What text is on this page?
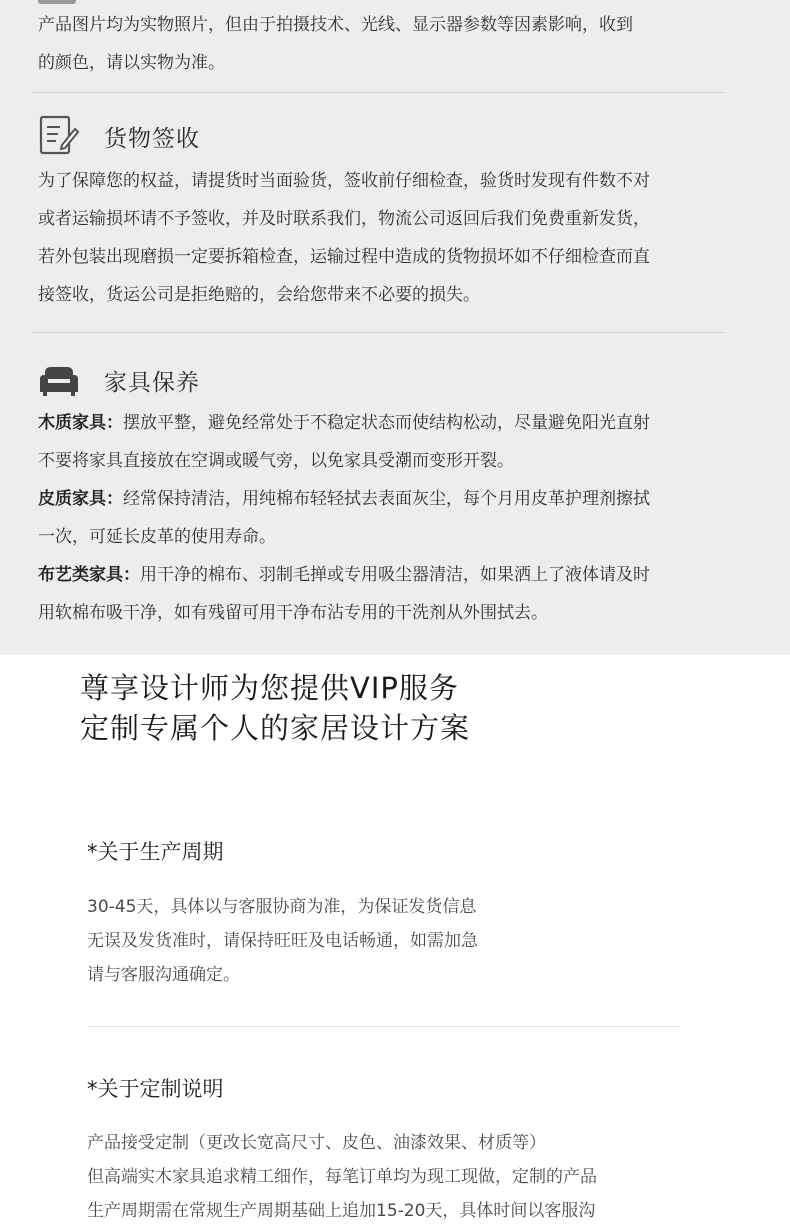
产品图片均为实物照片，但由于拍摄技术、光线、显示器参数等因素影响，收到
的颜色，请以实物为准。

货物签收

为了保障您的权益，请提货时当面验货，签收前仔细检查，验货时发现有件数不对
或者运输损坏请不予签收，并及时联系我们，物流公司返回后我们免费重新发货，
若外包装出现磨损一定要拆箱检查，运输过程中造成的货物损坏如不仔细检查而直
接签收，货运公司是拒绝赔的，会给您带来不必要的损失。

家具保养
木质家具：摆放平整，避免经常处于不稳定状态而使结构松动，尽量避免阳光直射
不要将家具直接放在空调或暖气旁，以免家具受潮而变形开裂。
皮质家具：经常保持清洁，用纯棉布轻轻拭去表面灰尘，每个月用皮革护理剂擦拭
一次，可延长皮革的使用寿命。
布艺类家具：用干净的棉布、羽制毛掸或专用吸尘器清洁，如果洒上了液体请及时
用软棉布吸干净，如有残留可用干净布沾专用的干洗剂从外围拭去。
尊享设计师为您提供VIP服务
定制专属个人的家居设计方案
*关于生产周期
30-45天，具体以与客服协商为准，为保证发货信息
无误及发货准时，请保持旺旺及电话畅通，如需加急
请与客服沟通确定。
*关于定制说明
产品接受定制（更改长宽高尺寸、皮色、油漆效果、材质等）
但高端实木家具追求精工细作，每笔订单均为现工现做，定制的产品
生产周期需在常规生产周期基础上追加15-20天，具体时间以客服沟
